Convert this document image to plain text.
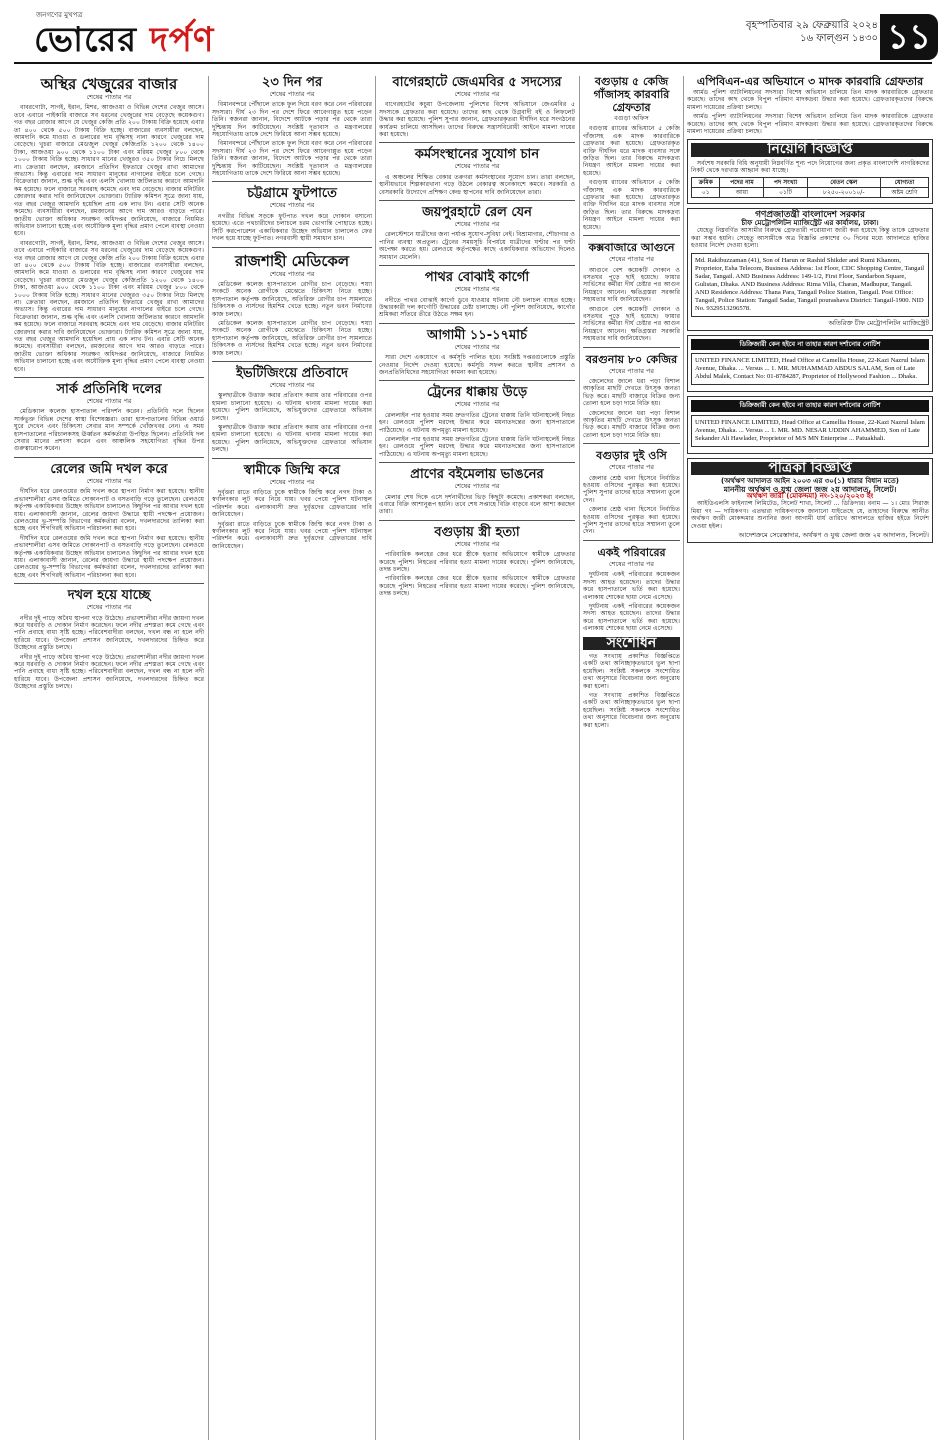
জনগণের মুখপত্র
ভোরের দর্পণ	বৃহস্পতিবার ২৯ ফেব্রুয়ারি ২০২৪
১৬ ফাল্গুন ১৪৩০ ১১
অস্থির খেজুরের বাজার
শেষের পাতার পর

বাবরগোটা, সাগই, ইরান, মিশর, আজওয়া ও বিভিন্ন দেশের খেজুর আসে। তবে এবারে পাইকারি বাজারে সব ধরনের খেজুরের দাম বেড়েছে কয়েকগুণ। গত বছর রোজার আগে যে খেজুর কেজি প্রতি ২০০ টাকায় বিক্রি হয়েছে এবার তা ৪০০ থেকে ৫০০ টাকায় বিক্রি হচ্ছে। বাজারের ব্যবসায়ীরা বলছেন, আমদানি কমে যাওয়া ও ডলারের দাম বৃদ্ধিসহ নানা কারণে খেজুরের দাম বেড়েছে। খুচরা বাজারে মেডজুল খেজুর কেজিপ্রতি ১২০০ থেকে ১৪০০ টাকা, আজওয়া ৯০০ থেকে ১১০০ টাকা এবং মরিয়ম খেজুর ৮০০ থেকে ১০০০ টাকায় বিক্রি হচ্ছে। সাধারণ মানের খেজুরও ৩৫০ টাকার নিচে মিলছে না। ক্রেতারা বলছেন, রমজানে প্রতিদিন ইফতারে খেজুর রাখা আমাদের অভ্যাস। কিন্তু এবারের দাম সাধারণ মানুষের নাগালের বাইরে চলে গেছে। বিক্রেতারা জানান, শুল্ক বৃদ্ধি এবং এলসি খোলায় জটিলতার কারণে আমদানি কম হয়েছে। ফলে বাজারে সরবরাহ কমেছে এবং দাম বেড়েছে। বাজার মনিটরিং জোরদার করার দাবি জানিয়েছেন ভোক্তারা। ট্যারিফ কমিশন সূত্রে জানা যায়, গত বছর খেজুর আমদানি হয়েছিল প্রায় এক লাখ টন। এবার সেটি অনেক কমেছে। ব্যবসায়ীরা বলছেন, রমজানের আগে দাম আরও বাড়তে পারে। জাতীয় ভোক্তা অধিকার সংরক্ষণ অধিদপ্তর জানিয়েছে, বাজারে নিয়মিত অভিযান চালানো হচ্ছে এবং অযৌক্তিক মূল্য বৃদ্ধির প্রমাণ পেলে ব্যবস্থা নেওয়া হবে।

বাবরগোটা, সাগই, ইরান, মিশর, আজওয়া ও বিভিন্ন দেশের খেজুর আসে। তবে এবারে পাইকারি বাজারে সব ধরনের খেজুরের দাম বেড়েছে কয়েকগুণ। গত বছর রোজার আগে যে খেজুর কেজি প্রতি ২০০ টাকায় বিক্রি হয়েছে এবার তা ৪০০ থেকে ৫০০ টাকায় বিক্রি হচ্ছে। বাজারের ব্যবসায়ীরা বলছেন, আমদানি কমে যাওয়া ও ডলারের দাম বৃদ্ধিসহ নানা কারণে খেজুরের দাম বেড়েছে। খুচরা বাজারে মেডজুল খেজুর কেজিপ্রতি ১২০০ থেকে ১৪০০ টাকা, আজওয়া ৯০০ থেকে ১১০০ টাকা এবং মরিয়ম খেজুর ৮০০ থেকে ১০০০ টাকায় বিক্রি হচ্ছে। সাধারণ মানের খেজুরও ৩৫০ টাকার নিচে মিলছে না। ক্রেতারা বলছেন, রমজানে প্রতিদিন ইফতারে খেজুর রাখা আমাদের অভ্যাস। কিন্তু এবারের দাম সাধারণ মানুষের নাগালের বাইরে চলে গেছে। বিক্রেতারা জানান, শুল্ক বৃদ্ধি এবং এলসি খোলায় জটিলতার কারণে আমদানি কম হয়েছে। ফলে বাজারে সরবরাহ কমেছে এবং দাম বেড়েছে। বাজার মনিটরিং জোরদার করার দাবি জানিয়েছেন ভোক্তারা। ট্যারিফ কমিশন সূত্রে জানা যায়, গত বছর খেজুর আমদানি হয়েছিল প্রায় এক লাখ টন। এবার সেটি অনেক কমেছে। ব্যবসায়ীরা বলছেন, রমজানের আগে দাম আরও বাড়তে পারে। জাতীয় ভোক্তা অধিকার সংরক্ষণ অধিদপ্তর জানিয়েছে, বাজারে নিয়মিত অভিযান চালানো হচ্ছে এবং অযৌক্তিক মূল্য বৃদ্ধির প্রমাণ পেলে ব্যবস্থা নেওয়া হবে।

সার্ক প্রতিনিধি দলের
শেষের পাতার পর

মেডিক্যাল কলেজ হাসপাতাল পরিদর্শন করেন। প্রতিনিধি দলে ছিলেন সার্কভুক্ত বিভিন্ন দেশের স্বাস্থ্য বিশেষজ্ঞরা। তারা হাসপাতালের বিভিন্ন ওয়ার্ড ঘুরে দেখেন এবং চিকিৎসা সেবার মান সম্পর্কে খোঁজখবর নেন। এ সময় হাসপাতালের পরিচালকসহ ঊর্ধ্বতন কর্মকর্তারা উপস্থিত ছিলেন। প্রতিনিধি দল সেবার মানের প্রশংসা করেন এবং আঞ্চলিক সহযোগিতা বৃদ্ধির উপর গুরুত্বারোপ করেন।

রেলের জমি দখল করে
শেষের পাতার পর

দীর্ঘদিন ধরে রেলওয়ের জমি দখল করে স্থাপনা নির্মাণ করা হয়েছে। স্থানীয় প্রভাবশালীরা এসব জমিতে দোকানপাট ও বসতবাড়ি গড়ে তুলেছেন। রেলওয়ে কর্তৃপক্ষ একাধিকবার উচ্ছেদ অভিযান চালালেও কিছুদিন পর আবার দখল হয়ে যায়। এলাকাবাসী জানান, রেলের জায়গা উদ্ধারে স্থায়ী পদক্ষেপ প্রয়োজন। রেলওয়ের ভূ-সম্পত্তি বিভাগের কর্মকর্তারা বলেন, দখলদারদের তালিকা করা হচ্ছে এবং শিগগিরই অভিযান পরিচালনা করা হবে।

দীর্ঘদিন ধরে রেলওয়ের জমি দখল করে স্থাপনা নির্মাণ করা হয়েছে। স্থানীয় প্রভাবশালীরা এসব জমিতে দোকানপাট ও বসতবাড়ি গড়ে তুলেছেন। রেলওয়ে কর্তৃপক্ষ একাধিকবার উচ্ছেদ অভিযান চালালেও কিছুদিন পর আবার দখল হয়ে যায়। এলাকাবাসী জানান, রেলের জায়গা উদ্ধারে স্থায়ী পদক্ষেপ প্রয়োজন। রেলওয়ের ভূ-সম্পত্তি বিভাগের কর্মকর্তারা বলেন, দখলদারদের তালিকা করা হচ্ছে এবং শিগগিরই অভিযান পরিচালনা করা হবে।

দখল হয়ে যাচ্ছে
শেষের পাতার পর

নদীর দুই পাড়ে অবৈধ স্থাপনা গড়ে উঠেছে। প্রভাবশালীরা নদীর জায়গা দখল করে ঘরবাড়ি ও দোকান নির্মাণ করেছেন। ফলে নদীর প্রশস্ততা কমে গেছে এবং পানি প্রবাহে বাধা সৃষ্টি হচ্ছে। পরিবেশবাদীরা বলছেন, দখল বন্ধ না হলে নদী হারিয়ে যাবে। উপজেলা প্রশাসন জানিয়েছে, দখলদারদের চিহ্নিত করে উচ্ছেদের প্রস্তুতি চলছে।

নদীর দুই পাড়ে অবৈধ স্থাপনা গড়ে উঠেছে। প্রভাবশালীরা নদীর জায়গা দখল করে ঘরবাড়ি ও দোকান নির্মাণ করেছেন। ফলে নদীর প্রশস্ততা কমে গেছে এবং পানি প্রবাহে বাধা সৃষ্টি হচ্ছে। পরিবেশবাদীরা বলছেন, দখল বন্ধ না হলে নদী হারিয়ে যাবে। উপজেলা প্রশাসন জানিয়েছে, দখলদারদের চিহ্নিত করে উচ্ছেদের প্রস্তুতি চলছে।

২৩ দিন পর
শেষের পাতার পর

বিমানবন্দরে পৌঁছালে তাকে ফুল দিয়ে বরণ করে নেন পরিবারের সদস্যরা। দীর্ঘ ২৩ দিন পর দেশে ফিরে আবেগাপ্লুত হয়ে পড়েন তিনি। স্বজনরা জানান, বিদেশে আটকে পড়ার পর থেকে তারা দুশ্চিন্তায় দিন কাটিয়েছেন। সংশ্লিষ্ট দূতাবাস ও মন্ত্রণালয়ের সহযোগিতায় তাকে দেশে ফিরিয়ে আনা সম্ভব হয়েছে।

বিমানবন্দরে পৌঁছালে তাকে ফুল দিয়ে বরণ করে নেন পরিবারের সদস্যরা। দীর্ঘ ২৩ দিন পর দেশে ফিরে আবেগাপ্লুত হয়ে পড়েন তিনি। স্বজনরা জানান, বিদেশে আটকে পড়ার পর থেকে তারা দুশ্চিন্তায় দিন কাটিয়েছেন। সংশ্লিষ্ট দূতাবাস ও মন্ত্রণালয়ের সহযোগিতায় তাকে দেশে ফিরিয়ে আনা সম্ভব হয়েছে।

চট্টগ্রামে ফুটপাতে
শেষের পাতার পর

নগরীর বিভিন্ন সড়কে ফুটপাত দখল করে দোকান বসানো হয়েছে। এতে পথচারীদের চলাচলে চরম ভোগান্তি পোহাতে হচ্ছে। সিটি করপোরেশন একাধিকবার উচ্ছেদ অভিযান চালালেও ফের দখল হয়ে যাচ্ছে ফুটপাত। নগরবাসী স্থায়ী সমাধান চান।

রাজশাহী মেডিকেল
শেষের পাতার পর

মেডিকেল কলেজ হাসপাতালে রোগীর চাপ বেড়েছে। শয্যা সংকটে অনেক রোগীকে মেঝেতে চিকিৎসা নিতে হচ্ছে। হাসপাতাল কর্তৃপক্ষ জানিয়েছে, অতিরিক্ত রোগীর চাপ সামলাতে চিকিৎসক ও নার্সদের হিমশিম খেতে হচ্ছে। নতুন ভবন নির্মাণের কাজ চলছে।

মেডিকেল কলেজ হাসপাতালে রোগীর চাপ বেড়েছে। শয্যা সংকটে অনেক রোগীকে মেঝেতে চিকিৎসা নিতে হচ্ছে। হাসপাতাল কর্তৃপক্ষ জানিয়েছে, অতিরিক্ত রোগীর চাপ সামলাতে চিকিৎসক ও নার্সদের হিমশিম খেতে হচ্ছে। নতুন ভবন নির্মাণের কাজ চলছে।

ইভটিজিংয়ে প্রতিবাদে
শেষের পাতার পর

স্কুলছাত্রীকে উত্ত্যক্ত করার প্রতিবাদ করায় তার পরিবারের ওপর হামলা চালানো হয়েছে। এ ঘটনায় থানায় মামলা দায়ের করা হয়েছে। পুলিশ জানিয়েছে, অভিযুক্তদের গ্রেফতারে অভিযান চলছে।

স্কুলছাত্রীকে উত্ত্যক্ত করার প্রতিবাদ করায় তার পরিবারের ওপর হামলা চালানো হয়েছে। এ ঘটনায় থানায় মামলা দায়ের করা হয়েছে। পুলিশ জানিয়েছে, অভিযুক্তদের গ্রেফতারে অভিযান চলছে।

স্বামীকে জিম্মি করে
শেষের পাতার পর

দুর্বৃত্তরা রাতে বাড়িতে ঢুকে স্বামীকে জিম্মি করে নগদ টাকা ও স্বর্ণালংকার লুট করে নিয়ে যায়। খবর পেয়ে পুলিশ ঘটনাস্থল পরিদর্শন করে। এলাকাবাসী দ্রুত দুর্বৃত্তদের গ্রেফতারের দাবি জানিয়েছেন।

দুর্বৃত্তরা রাতে বাড়িতে ঢুকে স্বামীকে জিম্মি করে নগদ টাকা ও স্বর্ণালংকার লুট করে নিয়ে যায়। খবর পেয়ে পুলিশ ঘটনাস্থল পরিদর্শন করে। এলাকাবাসী দ্রুত দুর্বৃত্তদের গ্রেফতারের দাবি জানিয়েছেন।

বাগেরহাটে জেএমবির ৫ সদস্যের
শেষের পাতার পর

বাগেরহাটের কচুয়া উপজেলায় পুলিশের বিশেষ অভিযানে জেএমবির ৫ সদস্যকে গ্রেফতার করা হয়েছে। তাদের কাছ থেকে উগ্রবাদী বই ও লিফলেট উদ্ধার করা হয়েছে। পুলিশ সুপার জানান, গ্রেফতারকৃতরা দীর্ঘদিন ধরে সংগঠনের কার্যক্রম চালিয়ে আসছিল। তাদের বিরুদ্ধে সন্ত্রাসবিরোধী আইনে মামলা দায়ের করা হয়েছে।

কর্মসংস্থানের সুযোগ চান
শেষের পাতার পর

এ অঞ্চলের শিক্ষিত বেকার তরুণরা কর্মসংস্থানের সুযোগ চান। তারা বলছেন, স্থানীয়ভাবে শিল্পকারখানা গড়ে উঠলে বেকারত্ব অনেকাংশে কমবে। সরকারি ও বেসরকারি উদ্যোগে প্রশিক্ষণ কেন্দ্র স্থাপনের দাবি জানিয়েছেন তারা।

জয়পুরহাটে রেল যেন
শেষের পাতার পর

রেলস্টেশনে যাত্রীদের জন্য পর্যাপ্ত সুযোগ-সুবিধা নেই। বিশ্রামাগার, শৌচাগার ও পানির ব্যবস্থা অপ্রতুল। ট্রেনের সময়সূচি বিপর্যয়ে যাত্রীদের ঘণ্টার পর ঘণ্টা অপেক্ষা করতে হয়। রেলওয়ে কর্তৃপক্ষের কাছে একাধিকবার অভিযোগ দিলেও সমাধান মেলেনি।

পাথর বোঝাই কার্গো
শেষের পাতার পর

নদীতে পাথর বোঝাই কার্গো ডুবে যাওয়ার ঘটনায় নৌ চলাচল ব্যাহত হচ্ছে। উদ্ধারকারী দল কার্গোটি উদ্ধারের চেষ্টা চালাচ্ছে। নৌ পুলিশ জানিয়েছে, কার্গোর শ্রমিকরা সাঁতরে তীরে উঠতে সক্ষম হন।

আগামী ১১-১৭মার্চ
শেষের পাতার পর

সারা দেশে একযোগে এ কর্মসূচি পালিত হবে। সংশ্লিষ্ট দপ্তরগুলোকে প্রস্তুতি নেওয়ার নির্দেশ দেওয়া হয়েছে। কর্মসূচি সফল করতে স্থানীয় প্রশাসন ও জনপ্রতিনিধিদের সহযোগিতা কামনা করা হয়েছে।

ট্রেনের ধাক্কায় উড়ে
শেষের পাতার পর

রেললাইন পার হওয়ার সময় দ্রুতগতির ট্রেনের ধাক্কায় তিনি ঘটনাস্থলেই নিহত হন। রেলওয়ে পুলিশ মরদেহ উদ্ধার করে ময়নাতদন্তের জন্য হাসপাতালে পাঠিয়েছে। এ ঘটনায় অপমৃত্যু মামলা হয়েছে।

রেললাইন পার হওয়ার সময় দ্রুতগতির ট্রেনের ধাক্কায় তিনি ঘটনাস্থলেই নিহত হন। রেলওয়ে পুলিশ মরদেহ উদ্ধার করে ময়নাতদন্তের জন্য হাসপাতালে পাঠিয়েছে। এ ঘটনায় অপমৃত্যু মামলা হয়েছে।

প্রাণের বইমেলায় ভাঙনের
শেষের পাতার পর

মেলার শেষ দিকে এসে দর্শনার্থীদের ভিড় কিছুটা কমেছে। প্রকাশকরা বলছেন, এবারে বিক্রি আশানুরূপ হয়নি। তবে শেষ সপ্তাহে বিক্রি বাড়বে বলে আশা করছেন তারা।

বগুড়ায় স্ত্রী হত্যা
শেষের পাতার পর

পারিবারিক কলহের জের ধরে স্ত্রীকে হত্যার অভিযোগে স্বামীকে গ্রেফতার করেছে পুলিশ। নিহতের পরিবার হত্যা মামলা দায়ের করেছে। পুলিশ জানিয়েছে, তদন্ত চলছে।

পারিবারিক কলহের জের ধরে স্ত্রীকে হত্যার অভিযোগে স্বামীকে গ্রেফতার করেছে পুলিশ। নিহতের পরিবার হত্যা মামলা দায়ের করেছে। পুলিশ জানিয়েছে, তদন্ত চলছে।

বগুড়ায় ৫ কেজি গাঁজাসহ কারবারি গ্রেফতার
বগুড়া অফিস

বগুড়ায় র‌্যাবের অভিযানে ৫ কেজি গাঁজাসহ এক মাদক কারবারিকে গ্রেফতার করা হয়েছে। গ্রেফতারকৃত ব্যক্তি দীর্ঘদিন ধরে মাদক ব্যবসার সঙ্গে জড়িত ছিল। তার বিরুদ্ধে মাদকদ্রব্য নিয়ন্ত্রণ আইনে মামলা দায়ের করা হয়েছে।

বগুড়ায় র‌্যাবের অভিযানে ৫ কেজি গাঁজাসহ এক মাদক কারবারিকে গ্রেফতার করা হয়েছে। গ্রেফতারকৃত ব্যক্তি দীর্ঘদিন ধরে মাদক ব্যবসার সঙ্গে জড়িত ছিল। তার বিরুদ্ধে মাদকদ্রব্য নিয়ন্ত্রণ আইনে মামলা দায়ের করা হয়েছে।

কক্সবাজারে আগুনে
শেষের পাতার পর

আগুনে বেশ কয়েকটি দোকান ও বসতঘর পুড়ে ছাই হয়েছে। ফায়ার সার্ভিসের কর্মীরা দীর্ঘ চেষ্টার পর আগুন নিয়ন্ত্রণে আনেন। ক্ষতিগ্রস্তরা সরকারি সহায়তার দাবি জানিয়েছেন।

আগুনে বেশ কয়েকটি দোকান ও বসতঘর পুড়ে ছাই হয়েছে। ফায়ার সার্ভিসের কর্মীরা দীর্ঘ চেষ্টার পর আগুন নিয়ন্ত্রণে আনেন। ক্ষতিগ্রস্তরা সরকারি সহায়তার দাবি জানিয়েছেন।

বরগুনায় ৮০ কেজির
শেষের পাতার পর

জেলেদের জালে ধরা পড়া বিশাল আকৃতির মাছটি দেখতে উৎসুক জনতা ভিড় করে। মাছটি বাজারে বিক্রির জন্য তোলা হলে চড়া দামে বিক্রি হয়।

জেলেদের জালে ধরা পড়া বিশাল আকৃতির মাছটি দেখতে উৎসুক জনতা ভিড় করে। মাছটি বাজারে বিক্রির জন্য তোলা হলে চড়া দামে বিক্রি হয়।

বগুড়ার দুই ওসি
শেষের পাতার পর

জেলার শ্রেষ্ঠ থানা হিসেবে নির্বাচিত হওয়ায় ওসিদের পুরস্কৃত করা হয়েছে। পুলিশ সুপার তাদের হাতে সম্মাননা তুলে দেন।

জেলার শ্রেষ্ঠ থানা হিসেবে নির্বাচিত হওয়ায় ওসিদের পুরস্কৃত করা হয়েছে। পুলিশ সুপার তাদের হাতে সম্মাননা তুলে দেন।

একই পরিবারের
শেষের পাতার পর

দুর্ঘটনায় একই পরিবারের কয়েকজন সদস্য আহত হয়েছেন। তাদের উদ্ধার করে হাসপাতালে ভর্তি করা হয়েছে। এলাকায় শোকের ছায়া নেমে এসেছে।

দুর্ঘটনায় একই পরিবারের কয়েকজন সদস্য আহত হয়েছেন। তাদের উদ্ধার করে হাসপাতালে ভর্তি করা হয়েছে। এলাকায় শোকের ছায়া নেমে এসেছে।

সংশোধন

গত সংখ্যায় প্রকাশিত বিজ্ঞপ্তিতে একটি তথ্য অনিচ্ছাকৃতভাবে ভুল ছাপা হয়েছিল। সংশ্লিষ্ট সকলকে সংশোধিত তথ্য অনুসারে বিবেচনার জন্য অনুরোধ করা হলো।

গত সংখ্যায় প্রকাশিত বিজ্ঞপ্তিতে একটি তথ্য অনিচ্ছাকৃতভাবে ভুল ছাপা হয়েছিল। সংশ্লিষ্ট সকলকে সংশোধিত তথ্য অনুসারে বিবেচনার জন্য অনুরোধ করা হলো।

এপিবিএন-এর অভিযানে ৩ মাদক কারবারি গ্রেফতার

আর্মড পুলিশ ব্যাটালিয়নের সদস্যরা বিশেষ অভিযান চালিয়ে তিন মাদক কারবারিকে গ্রেফতার করেছে। তাদের কাছ থেকে বিপুল পরিমাণ মাদকদ্রব্য উদ্ধার করা হয়েছে। গ্রেফতারকৃতদের বিরুদ্ধে মামলা দায়েরের প্রক্রিয়া চলছে।

আর্মড পুলিশ ব্যাটালিয়নের সদস্যরা বিশেষ অভিযান চালিয়ে তিন মাদক কারবারিকে গ্রেফতার করেছে। তাদের কাছ থেকে বিপুল পরিমাণ মাদকদ্রব্য উদ্ধার করা হয়েছে। গ্রেফতারকৃতদের বিরুদ্ধে মামলা দায়েরের প্রক্রিয়া চলছে।

নিয়োগ বিজ্ঞপ্তি

সর্বশেষ সরকারি বিধি অনুযায়ী নিম্নবর্ণিত শূন্য পদে নিয়োগের জন্য প্রকৃত বাংলাদেশি নাগরিকদের নিকট থেকে দরখাস্ত আহ্বান করা যাচ্ছে।

ক্রমিক	পদের নাম	পদ সংখ্যা	বেতন স্কেল	যোগ্যতা
০১	আয়া	০১টি	৮২৫০-২০০১০/-	অষ্টম শ্রেণি
গণপ্রজাতন্ত্রী বাংলাদেশ সরকার
চীফ মেট্রোপলিটন ম্যাজিস্ট্রেট এর কার্যালয়, ঢাকা।

যেহেতু নিম্নবর্ণিত আসামীর বিরুদ্ধে গ্রেফতারী পরোয়ানা জারী করা হয়েছে কিন্তু তাকে গ্রেফতার করা সম্ভব হয়নি। সেহেতু আসামীকে অত্র বিজ্ঞপ্তি প্রকাশের ৩০ দিনের মধ্যে আদালতে হাজির হওয়ার নির্দেশ দেওয়া হলো।

Md. Rakibuzzaman (41), Son of Harun or Rashid Shikder and Rumi Khanom, Proprietor, Esha Telecom, Business Address: 1st Floor, CDC Shopping Centre, Tangail Sadar, Tangail. AND Business Address: 149-1/2, First Floor, Sandarbon Square, Gulistan, Dhaka. AND Business Address: Rima Villa, Charan, Madhupur, Tangail. AND Residence Address: Thana Para, Tangail Police Station, Tangail. Post Office: Tangail, Police Station: Tangail Sadar, Tangail pourashava District: Tangail-1900. NID No. 9329513296578.
অতিরিক্ত চীফ মেট্রোপলিটন ম্যাজিস্ট্রেট
ডিক্রিজারী কেন হইবে না তাহার কারণ দর্শানোর নোটিশ
UNITED FINANCE LIMITED, Head Office at Camellia House, 22-Kazi Nazrul Islam Avenue, Dhaka. ... Versus ... 1. MR. MUHAMMAD ABDUS SALAM, Son of Late Abdul Malek, Contact No: 01-8784287, Proprietor of Hollywood Fashion ... Dhaka.
ডিক্রিজারী কেন হইবে না তাহার কারণ দর্শানোর নোটিশ
UNITED FINANCE LIMITED, Head Office at Camellia House, 22-Kazi Nazrul Islam Avenue, Dhaka. ... Versus ... 1. MR. MD. NESAR UDDIN AHAMMED, Son of Late Sekander Ali Hawlader, Proprietor of M/S MN Enterprise ... Patuakhali.
পত্রিকা বিজ্ঞপ্তি
(অর্থঋণ আদালত আইন ২০০৩ এর ৩০(১) ধারার বিধান মতে)
মাননীয় অর্থঋণ ও যুগ্ম জেলা জজ ২য় আদালত, সিলেট।
অর্থঋণ জারী (মোকদ্দমা) নং-১২০/২০২৩ ইং

আইডিএলসি ফাইন্যান্স লিমিটেড, সিলেট শাখা, সিলেট ... ডিক্রিদার। বনাম — ১। মোঃ সিরাজ মিয়া গং — দায়িকগণ। এতদ্বারা দায়িকগণকে জানানো যাইতেছে যে, তাহাদের বিরুদ্ধে আনীত অর্থঋণ জারী মোকদ্দমার শুনানির জন্য আগামী ধার্য তারিখে আদালতে হাজির হইতে নির্দেশ দেওয়া হইল।

আদেশক্রমে সেরেস্তাদার, অর্থঋণ ও যুগ্ম জেলা জজ ২য় আদালত, সিলেট।
